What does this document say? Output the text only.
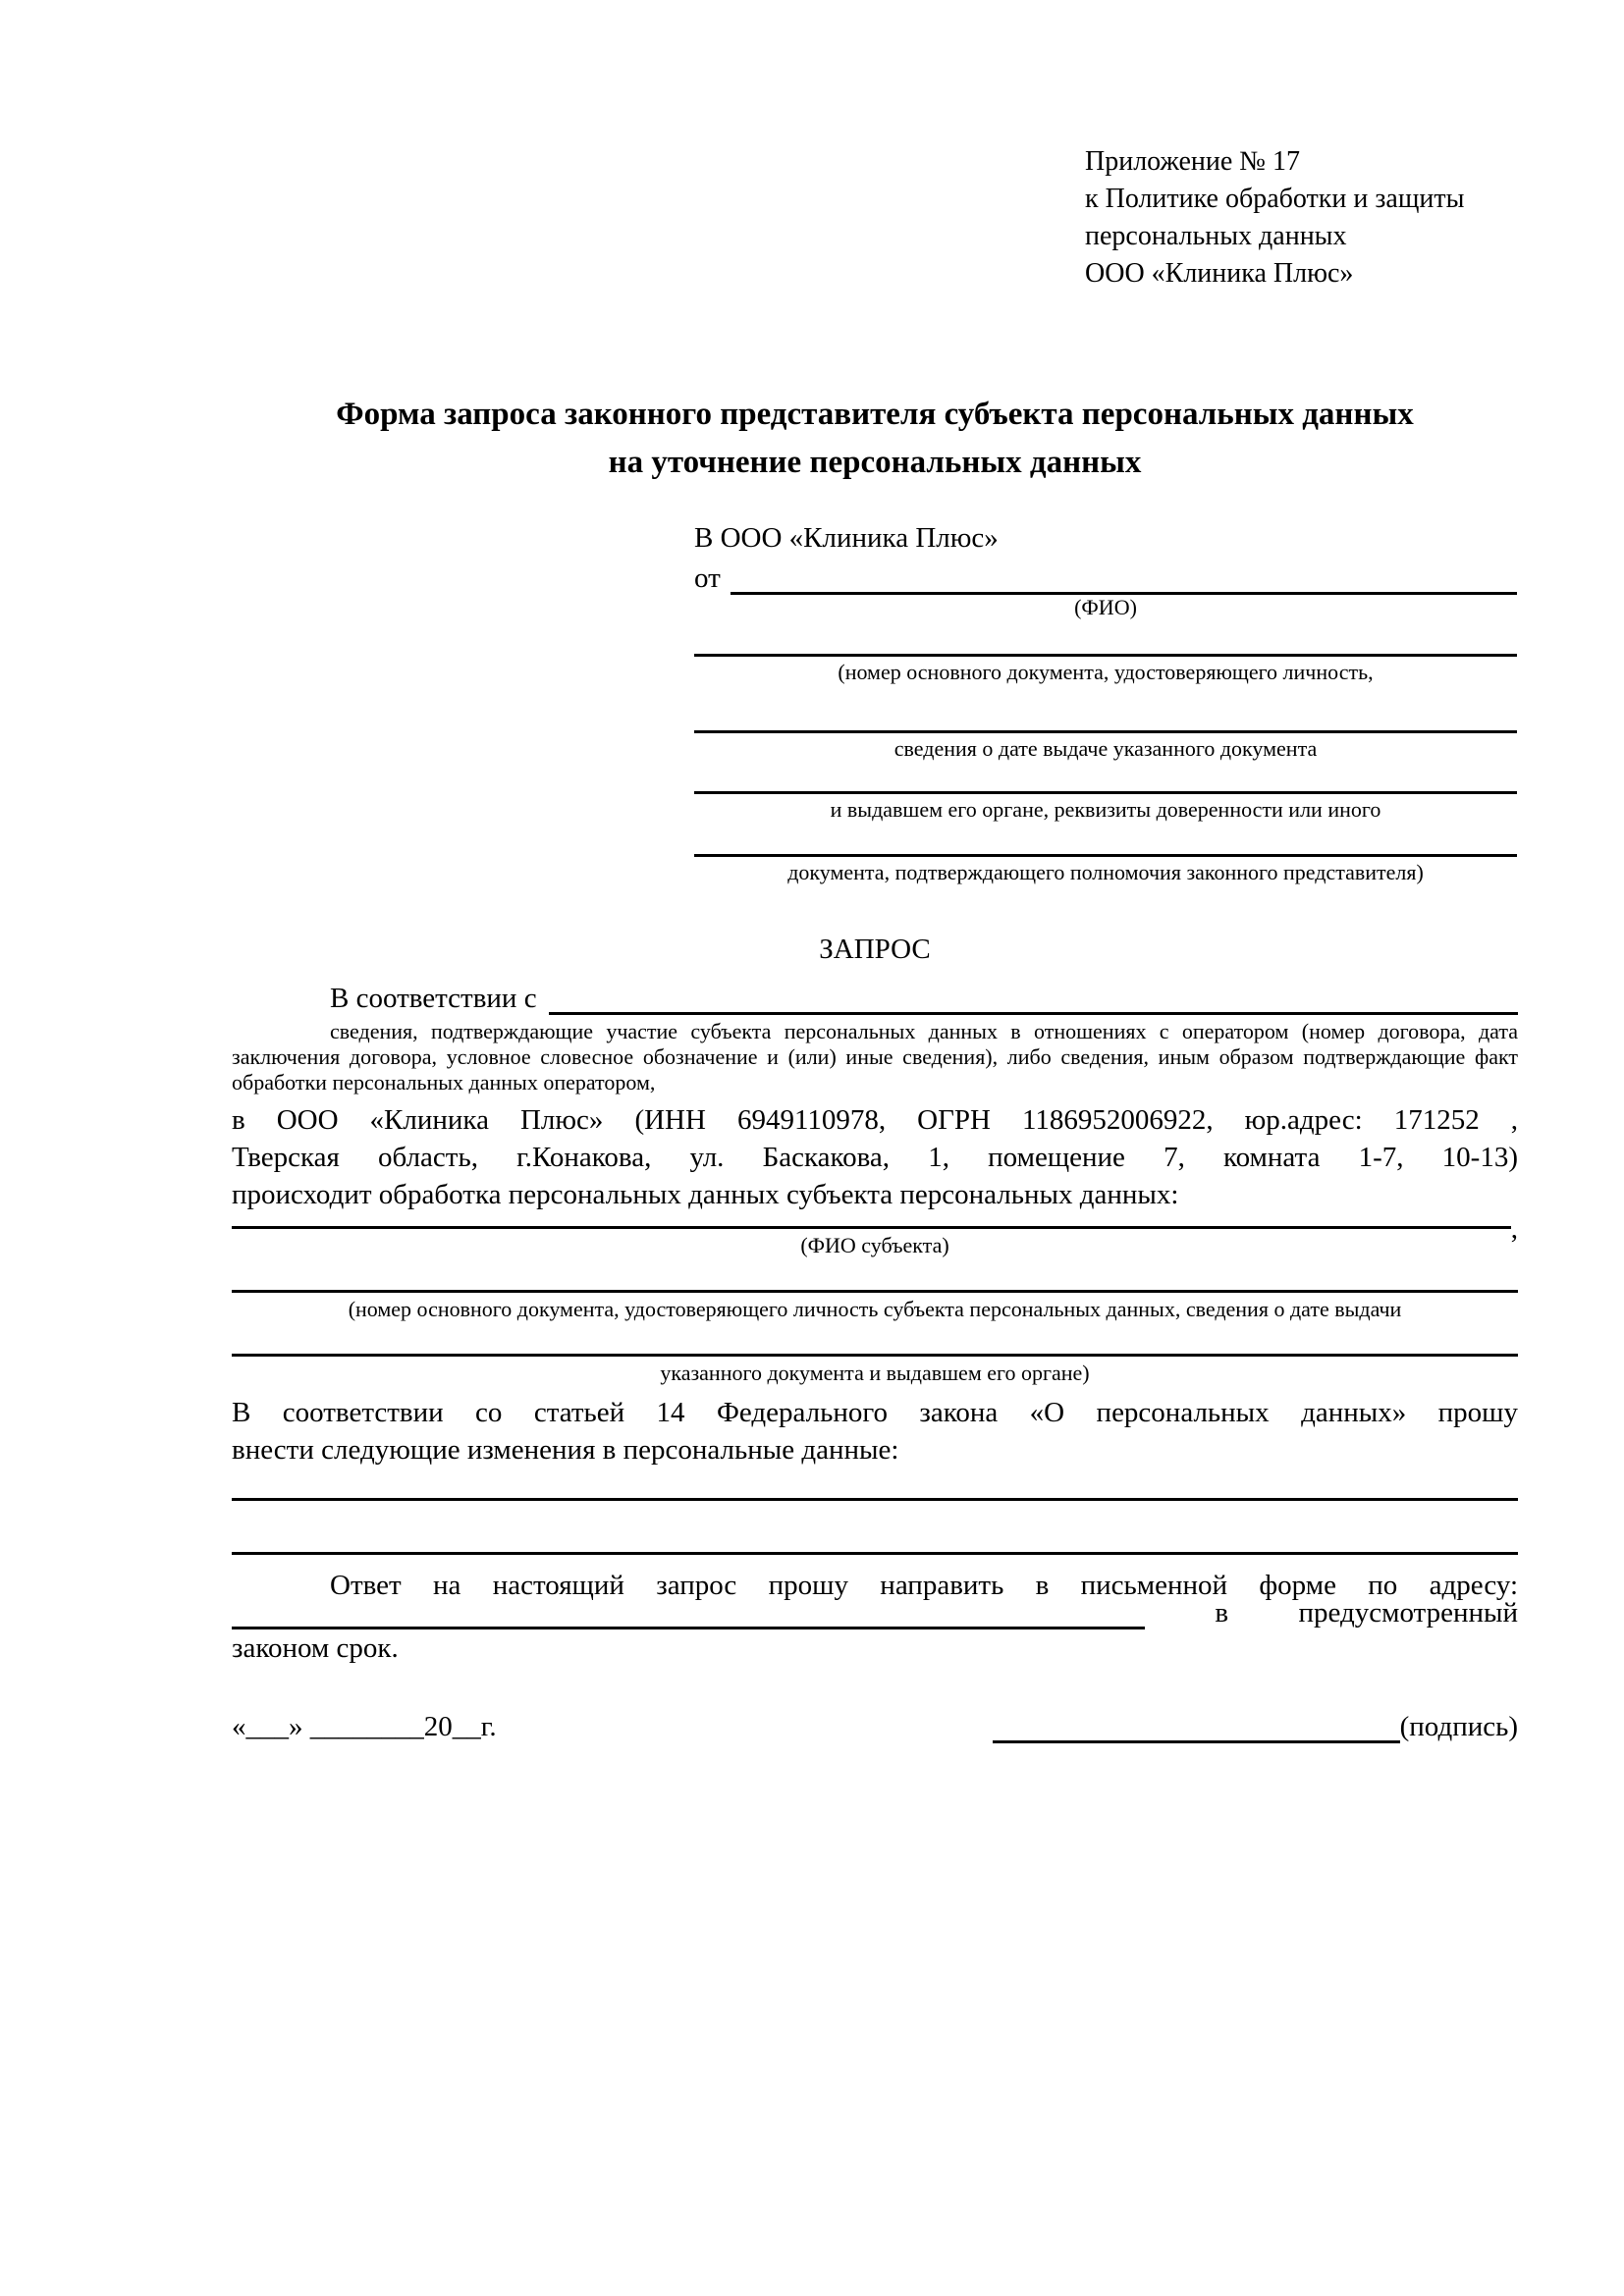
Приложение № 17
к Политике обработки и защиты
персональных данных
ООО «Клиника Плюс»
Форма запроса законного представителя субъекта персональных данных
на уточнение персональных данных
В ООО «Клиника Плюс»
от
(ФИО)
(номер основного документа, удостоверяющего личность,
сведения о дате выдаче указанного документа
и выдавшем его органе, реквизиты доверенности или иного
документа, подтверждающего полномочия законного представителя)
ЗАПРОС
В соответствии с
сведения, подтверждающие участие субъекта персональных данных в отношениях с оператором (номер договора, дата
заключения договора, условное словесное обозначение и (или) иные сведения), либо сведения, иным образом подтверждающие факт
обработки персональных данных оператором,
в ООО «Клиника Плюс» (ИНН 6949110978, ОГРН 1186952006922, юр.адрес: 171252 ,
Тверская область, г.Конакова, ул. Баскакова, 1, помещение 7, комната 1-7, 10-13)
происходит обработка персональных данных субъекта персональных данных:
,
(ФИО субъекта)
(номер основного документа, удостоверяющего личность субъекта персональных данных, сведения о дате выдачи
указанного документа и выдавшем его органе)
В соответствии со статьей 14 Федерального закона «О персональных данных» прошу
внести следующие изменения в персональные данные:
Ответ на настоящий запрос прошу направить в письменной форме по адресу:
в предусмотренный
законом срок.
«___» ________20__г.	(подпись)
